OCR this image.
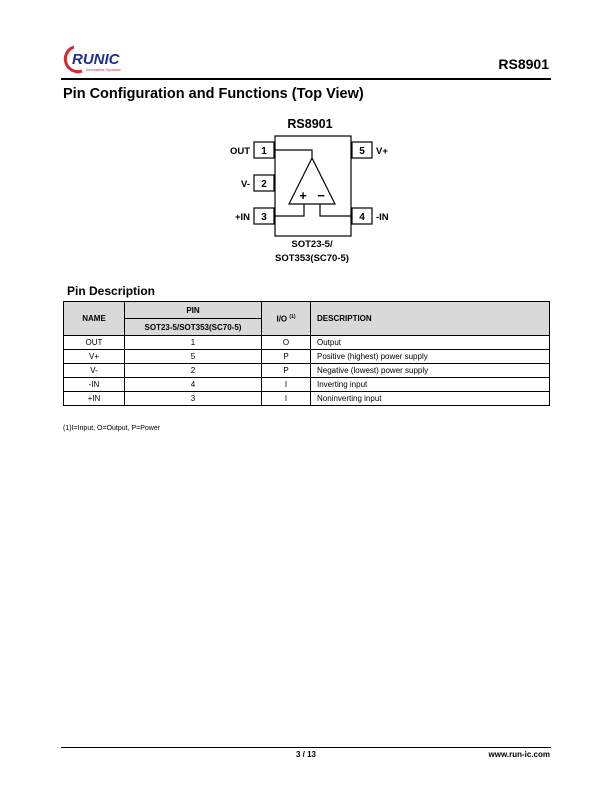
RUNIC
Innovative Dynamic	RS8901
Pin Configuration and Functions (Top View)
RS8901
1
2
3
5
4
OUT
V-
+IN
V+
-IN
+ −
SOT23-5/
SOT353(SC70-5)
Pin Description
NAME	PIN	I/O $^{(1)}$	DESCRIPTION
	SOT23-5/SOT353(SC70-5)		
OUT	1	O	Output
V+	5	P	Positive (highest) power supply
V-	2	P	Negative (lowest) power supply
-IN	4	I	Inverting input
+IN	3	I	Noninverting input
(1)I=Input, O=Output, P=Power
3 / 13	www.run-ic.com
